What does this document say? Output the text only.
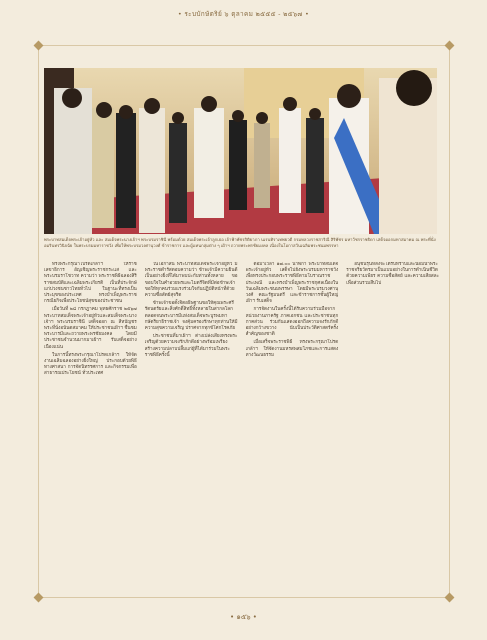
• ระบบักษัตริย์ ๖ ตุลาคม ๒๕๕๕ - ๒๕๖๗ •
พระบาทสมเด็จพระเจ้าอยู่หัว และ สมเด็จพระนางเจ้าฯ พระบรมราชินี พร้อมด้วย สมเด็จพระเจ้าลูกเธอ เจ้าฟ้าพัชรกิติยาภา นเรนทิราเทพยวดี กรมหลวงราชสาริณี สิริพัชร มหาวัชรราชธิดา เสด็จออกมหาสมาคม ณ พระที่นั่งอมรินทรวินิจฉัย ในพระบรมมหาราชวัง เพื่อให้พระบรมวงศานุวงศ์ ข้าราชการ และผู้แทนกลุ่มต่าง ๆ เฝ้าฯ ถวายพระพรชัยมงคล เนื่องในโอกาสวันเฉลิมพระชนมพรรษา

ทรงพระกรุณาโปรดเกล้าฯ ให้ราชเลขาธิการ อัญเชิญพระราชกระแส และพระบรมราโชวาท ความว่า พระราชพิธีฉลองสิริราชสมบัติและเฉลิมพระเกียรติ เป็นที่ประจักษ์แก่ปวงชนชาวไทยทั่วไป ในฐานะที่ทรงเป็นประมุขของประเทศ ทรงบำเพ็ญพระราชกรณียกิจเพื่อประโยชน์สุขของประชาชน

เมื่อวันที่ ๒๘ กรกฎาคม พุทธศักราช ๒๕๖๗ พระบาทสมเด็จพระเจ้าอยู่หัวและสมเด็จพระนางเจ้าฯ พระบรมราชินี เสด็จออก ณ สีหบัญชร พระที่นั่งอนันตสมาคม ให้ประชาชนเฝ้าฯ ชื่นชมพระบารมีและถวายพระพรชัยมงคล โดยมีประชาชนจำนวนมากมาเฝ้าฯ รับเสด็จอย่างเนืองแน่น

ในการนี้ทรงพระกรุณาโปรดเกล้าฯ ให้จัดงานเฉลิมฉลองอย่างยิ่งใหญ่ ประกอบด้วยพิธีทางศาสนา การจัดนิทรรศการ และกิจกรรมเพื่อสาธารณประโยชน์ ทั่วประเทศ

ในโอกาสนี้ พระบาทสมเด็จพระเจ้าอยู่หัว มีพระราชดำรัสตอบความว่า ข้าพเจ้ามีความยินดีเป็นอย่างยิ่งที่ได้มาพบปะกับท่านทั้งหลาย ขอขอบใจในคำอวยพรและไมตรีจิตที่มีต่อข้าพเจ้า ขอให้ทุกคนร่วมแรงร่วมใจกันปฏิบัติหน้าที่ด้วยความซื่อสัตย์สุจริต

ข้าพเจ้าขอตั้งจิตอธิษฐานขอให้คุณพระศรีรัตนตรัยและสิ่งศักดิ์สิทธิ์ทั้งหลายในสากลโลก ตลอดจนพระบารมีแห่งสมเด็จพระบูรพมหากษัตริยาธิราชเจ้า จงคุ้มครองรักษาทุกท่านให้มีความสุขความเจริญ ปราศจากทุกข์โศกโรคภัย

ประชาชนที่มาเฝ้าฯ ต่างเปล่งเสียงทรงพระเจริญด้วยความจงรักภักดีอย่างพร้อมเพรียง สร้างความปลาบปลื้มแก่ผู้ที่ได้มาร่วมในพระราชพิธีครั้งนี้

ต่อมาเวลา ๑๗.๐๐ นาฬิกา พระบาทสมเด็จพระเจ้าอยู่หัว เสด็จไปยังพระบรมมหาราชวัง เพื่อทรงประกอบพระราชพิธีตามโบราณราชประเพณี และทรงบำเพ็ญพระราชกุศลเนื่องในวันเฉลิมพระชนมพรรษา โดยมีพระบรมวงศานุวงศ์ คณะรัฐมนตรี และข้าราชการชั้นผู้ใหญ่เฝ้าฯ รับเสด็จ

การจัดงานในครั้งนี้ได้รับความร่วมมือจากหน่วยงานภาครัฐ ภาคเอกชน และประชาชนทุกภาคส่วน ร่วมกันแสดงออกถึงความจงรักภักดีอย่างกว้างขวาง นับเป็นประวัติศาสตร์ครั้งสำคัญของชาติ

เมื่อเสร็จพระราชพิธี ทรงพระกรุณาโปรดเกล้าฯ ให้จัดงานมหรสพสมโภชและการแสดงทางวัฒนธรรม

อนุชนรุ่นหลังจะได้รับทราบและน้อมนำพระราชจริยวัตรมาเป็นแบบอย่างในการดำเนินชีวิต ด้วยความเพียร ความซื่อสัตย์ และความเสียสละเพื่อส่วนรวมสืบไป

• ๑๕๖ •
